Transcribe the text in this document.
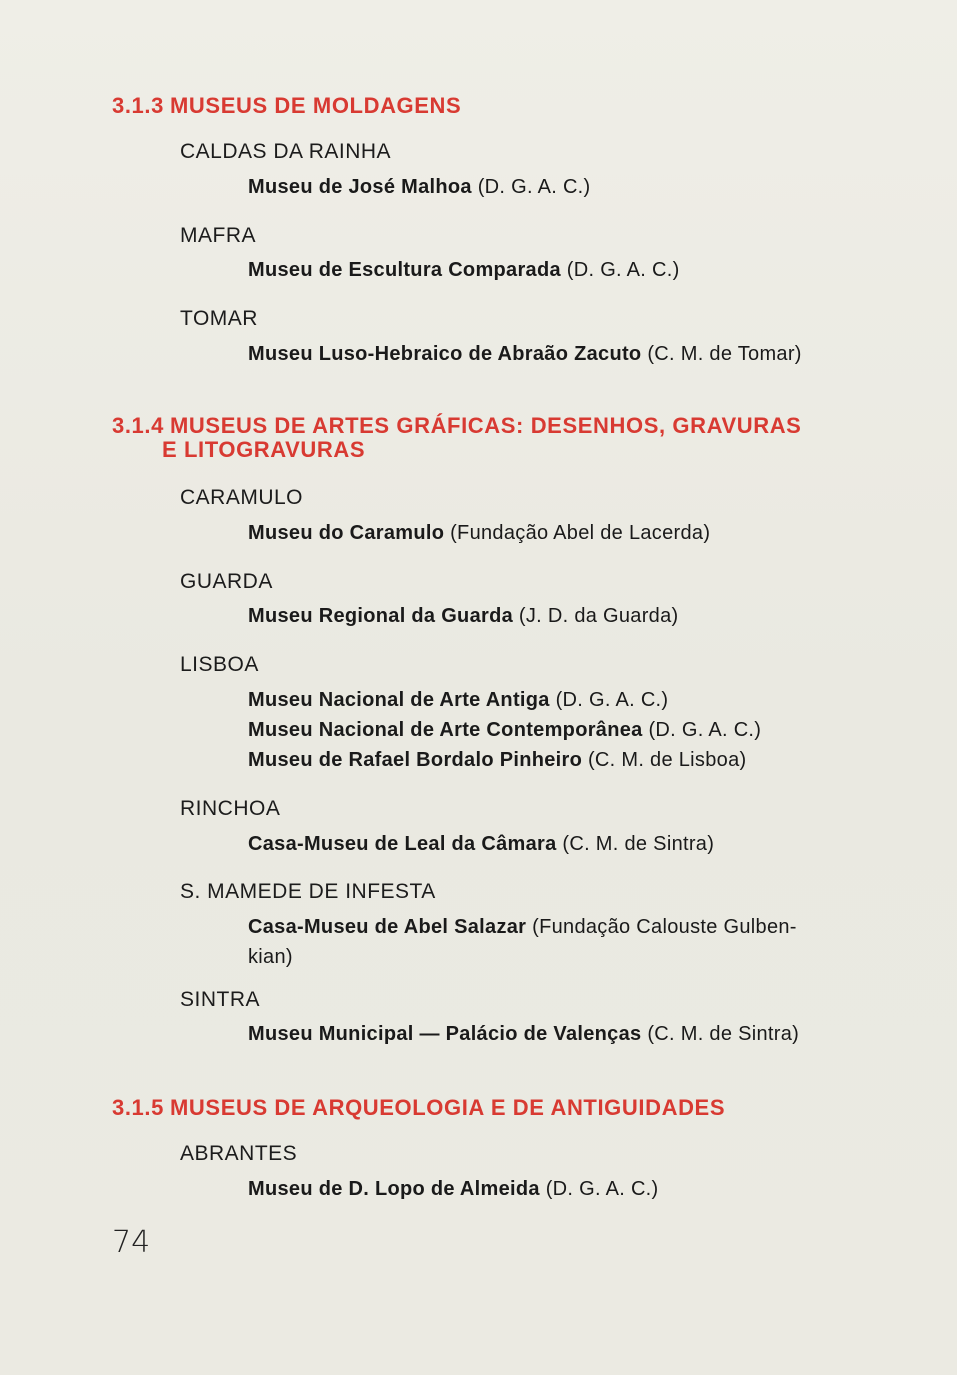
3.1.3 MUSEUS DE MOLDAGENS
CALDAS DA RAINHA
Museu de José Malhoa (D. G. A. C.)
MAFRA
Museu de Escultura Comparada (D. G. A. C.)
TOMAR
Museu Luso-Hebraico de Abraão Zacuto (C. M. de Tomar)
3.1.4 MUSEUS DE ARTES GRÁFICAS: DESENHOS, GRAVURAS
E LITOGRAVURAS
CARAMULO
Museu do Caramulo (Fundação Abel de Lacerda)
GUARDA
Museu Regional da Guarda (J. D. da Guarda)
LISBOA
Museu Nacional de Arte Antiga (D. G. A. C.)
Museu Nacional de Arte Contemporânea (D. G. A. C.)
Museu de Rafael Bordalo Pinheiro (C. M. de Lisboa)
RINCHOA
Casa-Museu de Leal da Câmara (C. M. de Sintra)
S. MAMEDE DE INFESTA
Casa-Museu de Abel Salazar (Fundação Calouste Gulben-
kian)
SINTRA
Museu Municipal — Palácio de Valenças (C. M. de Sintra)
3.1.5 MUSEUS DE ARQUEOLOGIA E DE ANTIGUIDADES
ABRANTES
Museu de D. Lopo de Almeida (D. G. A. C.)
74
